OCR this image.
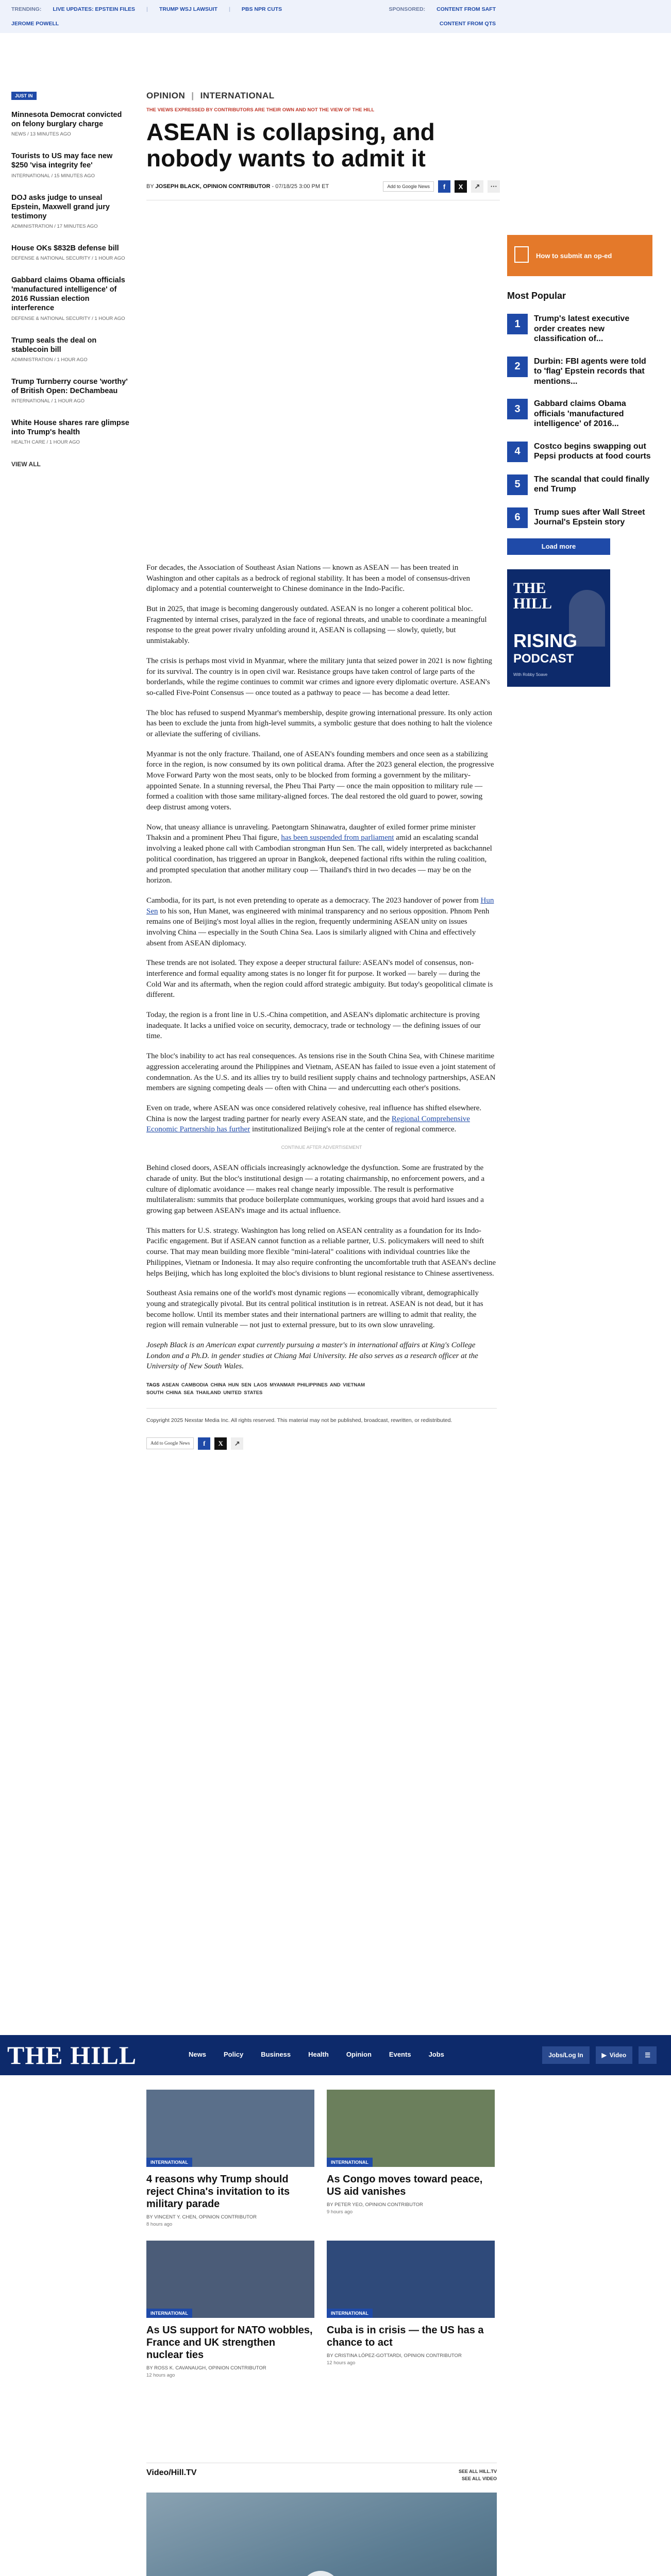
TRENDING: LIVE UPDATES: EPSTEIN FILES | TRUMP WSJ LAWSUIT | PBS NPR CUTS
JEROME POWELL
SPONSORED: CONTENT FROM SAFT
CONTENT FROM QTS
JUST IN
Minnesota Democrat convicted on felony burglary charge
NEWS / 13 MINUTES AGO
Tourists to US may face new $250 'visa integrity fee'
INTERNATIONAL / 15 MINUTES AGO
DOJ asks judge to unseal Epstein, Maxwell grand jury testimony
ADMINISTRATION / 17 MINUTES AGO
House OKs $832B defense bill
DEFENSE & NATIONAL SECURITY / 1 HOUR AGO
Gabbard claims Obama officials 'manufactured intelligence' of 2016 Russian election interference
DEFENSE & NATIONAL SECURITY / 1 HOUR AGO
Trump seals the deal on stablecoin bill
ADMINISTRATION / 1 HOUR AGO
Trump Turnberry course 'worthy' of British Open: DeChambeau
INTERNATIONAL / 1 HOUR AGO
White House shares rare glimpse into Trump's health
HEALTH CARE / 1 HOUR AGO
VIEW ALL
OPINION | INTERNATIONAL
THE VIEWS EXPRESSED BY CONTRIBUTORS ARE THEIR OWN AND NOT THE VIEW OF THE HILL
ASEAN is collapsing, and nobody wants to admit it
BY JOSEPH BLACK, OPINION CONTRIBUTOR - 07/18/25 3:00 PM ET	Add to Google News	f	X	↗	⋯
How to submit an op-ed
Most Popular
1	Trump's latest executive order creates new classification of...
2	Durbin: FBI agents were told to 'flag' Epstein records that mentions...
3	Gabbard claims Obama officials 'manufactured intelligence' of 2016...
4	Costco begins swapping out Pepsi products at food courts
5	The scandal that could finally end Trump
6	Trump sues after Wall Street Journal's Epstein story
Load more
THE
HILL
RISING
PODCAST
With Robby Soave

For decades, the Association of Southeast Asian Nations — known as ASEAN — has been treated in Washington and other capitals as a bedrock of regional stability. It has been a model of consensus-driven diplomacy and a potential counterweight to Chinese dominance in the Indo-Pacific.

But in 2025, that image is becoming dangerously outdated. ASEAN is no longer a coherent political bloc. Fragmented by internal crises, paralyzed in the face of regional threats, and unable to coordinate a meaningful response to the great power rivalry unfolding around it, ASEAN is collapsing — slowly, quietly, but unmistakably.

The crisis is perhaps most vivid in Myanmar, where the military junta that seized power in 2021 is now fighting for its survival. The country is in open civil war. Resistance groups have taken control of large parts of the borderlands, while the regime continues to commit war crimes and ignore every diplomatic overture. ASEAN's so-called Five-Point Consensus — once touted as a pathway to peace — has become a dead letter.

The bloc has refused to suspend Myanmar's membership, despite growing international pressure. Its only action has been to exclude the junta from high-level summits, a symbolic gesture that does nothing to halt the violence or alleviate the suffering of civilians.

Myanmar is not the only fracture. Thailand, one of ASEAN's founding members and once seen as a stabilizing force in the region, is now consumed by its own political drama. After the 2023 general election, the progressive Move Forward Party won the most seats, only to be blocked from forming a government by the military-appointed Senate. In a stunning reversal, the Pheu Thai Party — once the main opposition to military rule — formed a coalition with those same military-aligned forces. The deal restored the old guard to power, sowing deep distrust among voters.

Now, that uneasy alliance is unraveling. Paetongtarn Shinawatra, daughter of exiled former prime minister Thaksin and a prominent Pheu Thai figure, has been suspended from parliament amid an escalating scandal involving a leaked phone call with Cambodian strongman Hun Sen. The call, widely interpreted as backchannel political coordination, has triggered an uproar in Bangkok, deepened factional rifts within the ruling coalition, and prompted speculation that another military coup — Thailand's third in two decades — may be on the horizon.

Cambodia, for its part, is not even pretending to operate as a democracy. The 2023 handover of power from Hun Sen to his son, Hun Manet, was engineered with minimal transparency and no serious opposition. Phnom Penh remains one of Beijing's most loyal allies in the region, frequently undermining ASEAN unity on issues involving China — especially in the South China Sea. Laos is similarly aligned with China and effectively absent from ASEAN diplomacy.

These trends are not isolated. They expose a deeper structural failure: ASEAN's model of consensus, non-interference and formal equality among states is no longer fit for purpose. It worked — barely — during the Cold War and its aftermath, when the region could afford strategic ambiguity. But today's geopolitical climate is different.

Today, the region is a front line in U.S.-China competition, and ASEAN's diplomatic architecture is proving inadequate. It lacks a unified voice on security, democracy, trade or technology — the defining issues of our time.

The bloc's inability to act has real consequences. As tensions rise in the South China Sea, with Chinese maritime aggression accelerating around the Philippines and Vietnam, ASEAN has failed to issue even a joint statement of condemnation. As the U.S. and its allies try to build resilient supply chains and technology partnerships, ASEAN members are signing competing deals — often with China — and undercutting each other's positions.

Even on trade, where ASEAN was once considered relatively cohesive, real influence has shifted elsewhere. China is now the largest trading partner for nearly every ASEAN state, and the Regional Comprehensive Economic Partnership has further institutionalized Beijing's role at the center of regional commerce.

CONTINUE AFTER ADVERTISEMENT

Behind closed doors, ASEAN officials increasingly acknowledge the dysfunction. Some are frustrated by the charade of unity. But the bloc's institutional design — a rotating chairmanship, no enforcement powers, and a culture of diplomatic avoidance — makes real change nearly impossible. The result is performative multilateralism: summits that produce boilerplate communiques, working groups that avoid hard issues and a growing gap between ASEAN's image and its actual influence.

This matters for U.S. strategy. Washington has long relied on ASEAN centrality as a foundation for its Indo-Pacific engagement. But if ASEAN cannot function as a reliable partner, U.S. policymakers will need to shift course. That may mean building more flexible "mini-lateral" coalitions with individual countries like the Philippines, Vietnam or Indonesia. It may also require confronting the uncomfortable truth that ASEAN's decline helps Beijing, which has long exploited the bloc's divisions to blunt regional resistance to Chinese assertiveness.

Southeast Asia remains one of the world's most dynamic regions — economically vibrant, demographically young and strategically pivotal. But its central political institution is in retreat. ASEAN is not dead, but it has become hollow. Until its member states and their international partners are willing to admit that reality, the region will remain vulnerable — not just to external pressure, but to its own slow unraveling.

Joseph Black is an American expat currently pursuing a master's in international affairs at King's College London and a Ph.D. in gender studies at Chiang Mai University. He also serves as a research officer at the University of New South Wales.

TAGS ASEAN CAMBODIA CHINA HUN SEN LAOS MYANMAR PHILIPPINES AND VIETNAM
SOUTH CHINA SEA THAILAND UNITED STATES
Copyright 2025 Nexstar Media Inc. All rights reserved. This material may not be published, broadcast, rewritten, or redistributed.
Add to Google News	f	X	↗
THE HILL	News	Policy	Business	Health	Opinion	Events	Jobs	Jobs/Log In	▶ Video	☰
INTERNATIONAL
4 reasons why Trump should reject China's invitation to its military parade
BY VINCENT Y. CHEN, OPINION CONTRIBUTOR
8 hours ago
INTERNATIONAL
As Congo moves toward peace, US aid vanishes
BY PETER YEO, OPINION CONTRIBUTOR
9 hours ago
INTERNATIONAL
As US support for NATO wobbles, France and UK strengthen nuclear ties
BY ROSS K. CAVANAUGH, OPINION CONTRIBUTOR
12 hours ago
INTERNATIONAL
Cuba is in crisis — the US has a chance to act
BY CRISTINA LÓPEZ-GOTTARDI, OPINION CONTRIBUTOR
12 hours ago
Video/Hill.TV	SEE ALL HILL.TV
SEE ALL VIDEO
